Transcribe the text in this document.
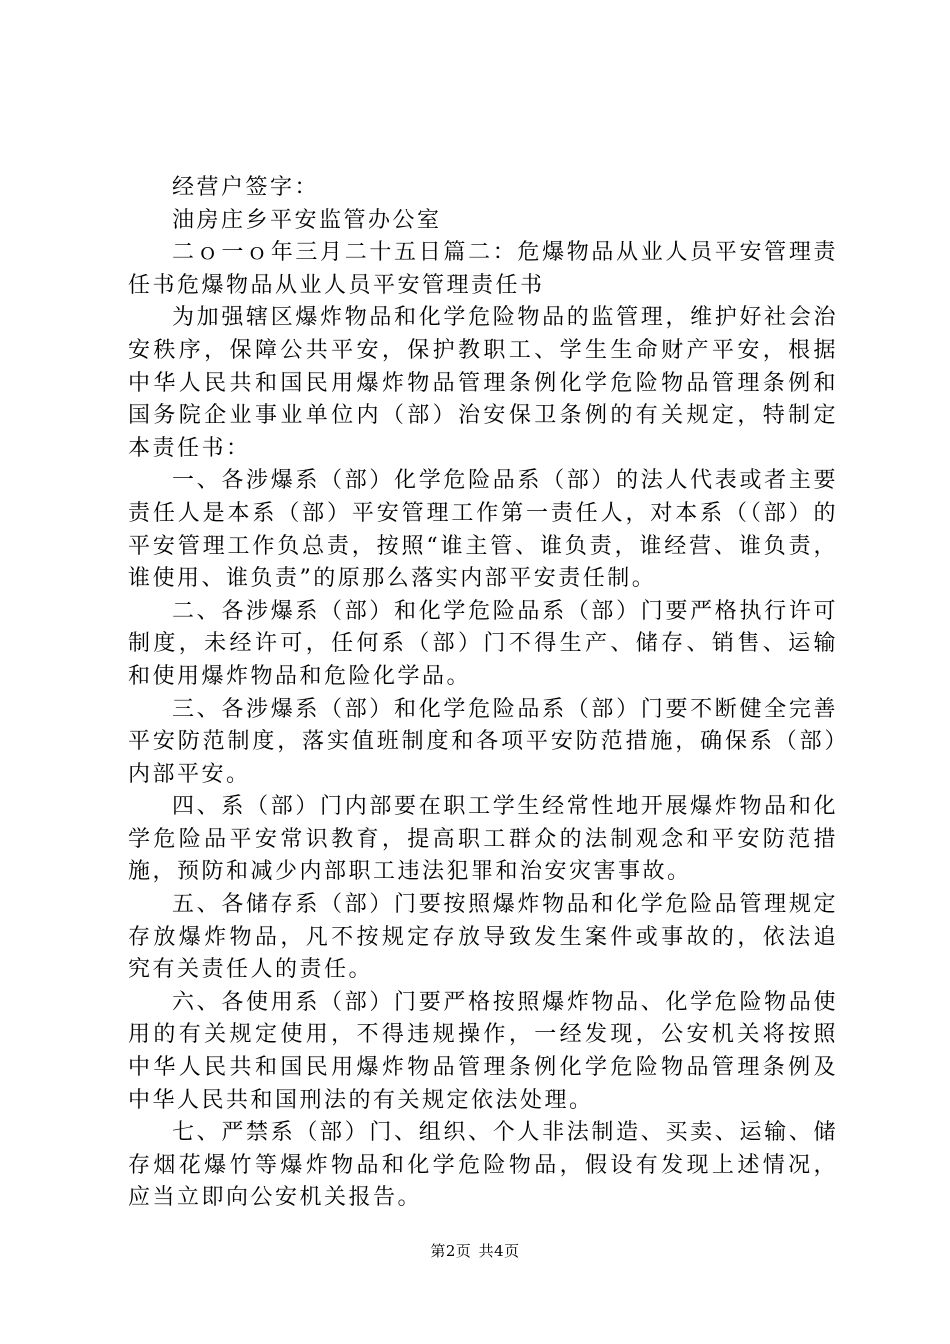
经营户签字：

油房庄乡平安监管办公室

二ｏ一ｏ年三月二十五日篇二：危爆物品从业人员平安管理责任书危爆物品从业人员平安管理责任书

为加强辖区爆炸物品和化学危险物品的监管理，维护好社会治安秩序，保障公共平安，保护教职工、学生生命财产平安，根据中华人民共和国民用爆炸物品管理条例化学危险物品管理条例和国务院企业事业单位内（部）治安保卫条例的有关规定，特制定本责任书：

一、各涉爆系（部）化学危险品系（部）的法人代表或者主要责任人是本系（部）平安管理工作第一责任人，对本系（（部）的平安管理工作负总责，按照“谁主管、谁负责，谁经营、谁负责，谁使用、谁负责”的原那么落实内部平安责任制。

二、各涉爆系（部）和化学危险品系（部）门要严格执行许可制度，未经许可，任何系（部）门不得生产、储存、销售、运输和使用爆炸物品和危险化学品。

三、各涉爆系（部）和化学危险品系（部）门要不断健全完善平安防范制度，落实值班制度和各项平安防范措施，确保系（部）内部平安。

四、系（部）门内部要在职工学生经常性地开展爆炸物品和化学危险品平安常识教育，提高职工群众的法制观念和平安防范措施，预防和减少内部职工违法犯罪和治安灾害事故。

五、各储存系（部）门要按照爆炸物品和化学危险品管理规定存放爆炸物品，凡不按规定存放导致发生案件或事故的，依法追究有关责任人的责任。

六、各使用系（部）门要严格按照爆炸物品、化学危险物品使用的有关规定使用，不得违规操作，一经发现，公安机关将按照中华人民共和国民用爆炸物品管理条例化学危险物品管理条例及中华人民共和国刑法的有关规定依法处理。

七、严禁系（部）门、组织、个人非法制造、买卖、运输、储存烟花爆竹等爆炸物品和化学危险物品，假设有发现上述情况，应当立即向公安机关报告。

第2页 共4页
